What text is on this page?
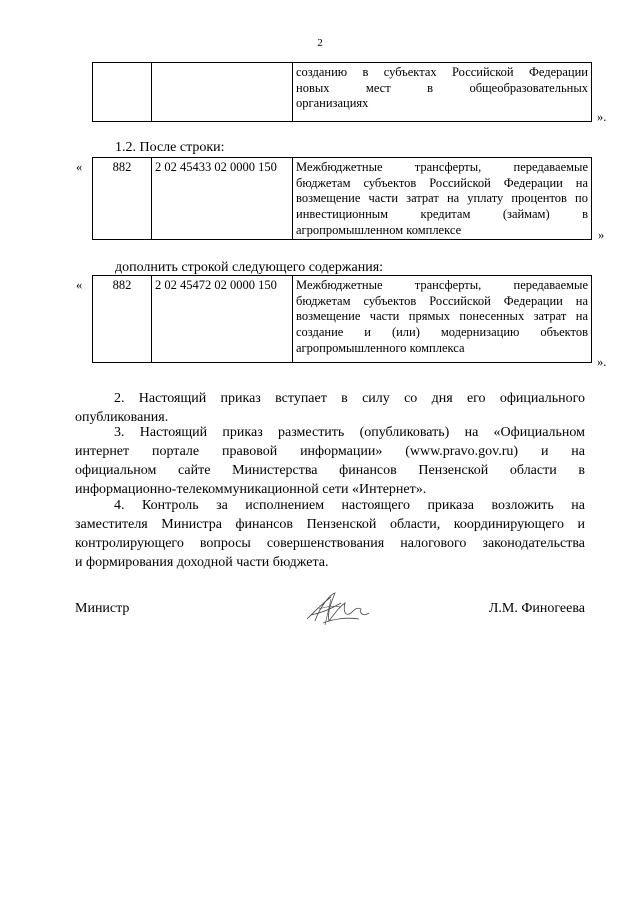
2

созданию в субъектах Российской Федерации
новых мест в общеобразовательных
организациях
».
1.2. После строки:
« 882	2 02 45433 02 0000 150	Межбюджетные трансферты, передаваемые
бюджетам субъектов Российской Федерации на
возмещение части затрат на уплату процентов по
инвестиционным кредитам (займам) в
агропромышленном комплексе	»
дополнить строкой следующего содержания:
« 882	2 02 45472 02 0000 150	Межбюджетные трансферты, передаваемые
бюджетам субъектов Российской Федерации на
возмещение части прямых понесенных затрат на
создание и (или) модернизацию объектов
агропромышленного комплекса
».
2. Настоящий приказ вступает в силу со дня его официального
опубликования.
3. Настоящий приказ разместить (опубликовать) на «Официальном
интернет портале правовой информации» (www.pravo.gov.ru) и на
официальном сайте Министерства финансов Пензенской области в
информационно-телекоммуникационной сети «Интернет».
4. Контроль за исполнением настоящего приказа возложить на
заместителя Министра финансов Пензенской области, координирующего и
контролирующего вопросы совершенствования налогового законодательства
и формирования доходной части бюджета.
Министр	Л.М. Финогеева
